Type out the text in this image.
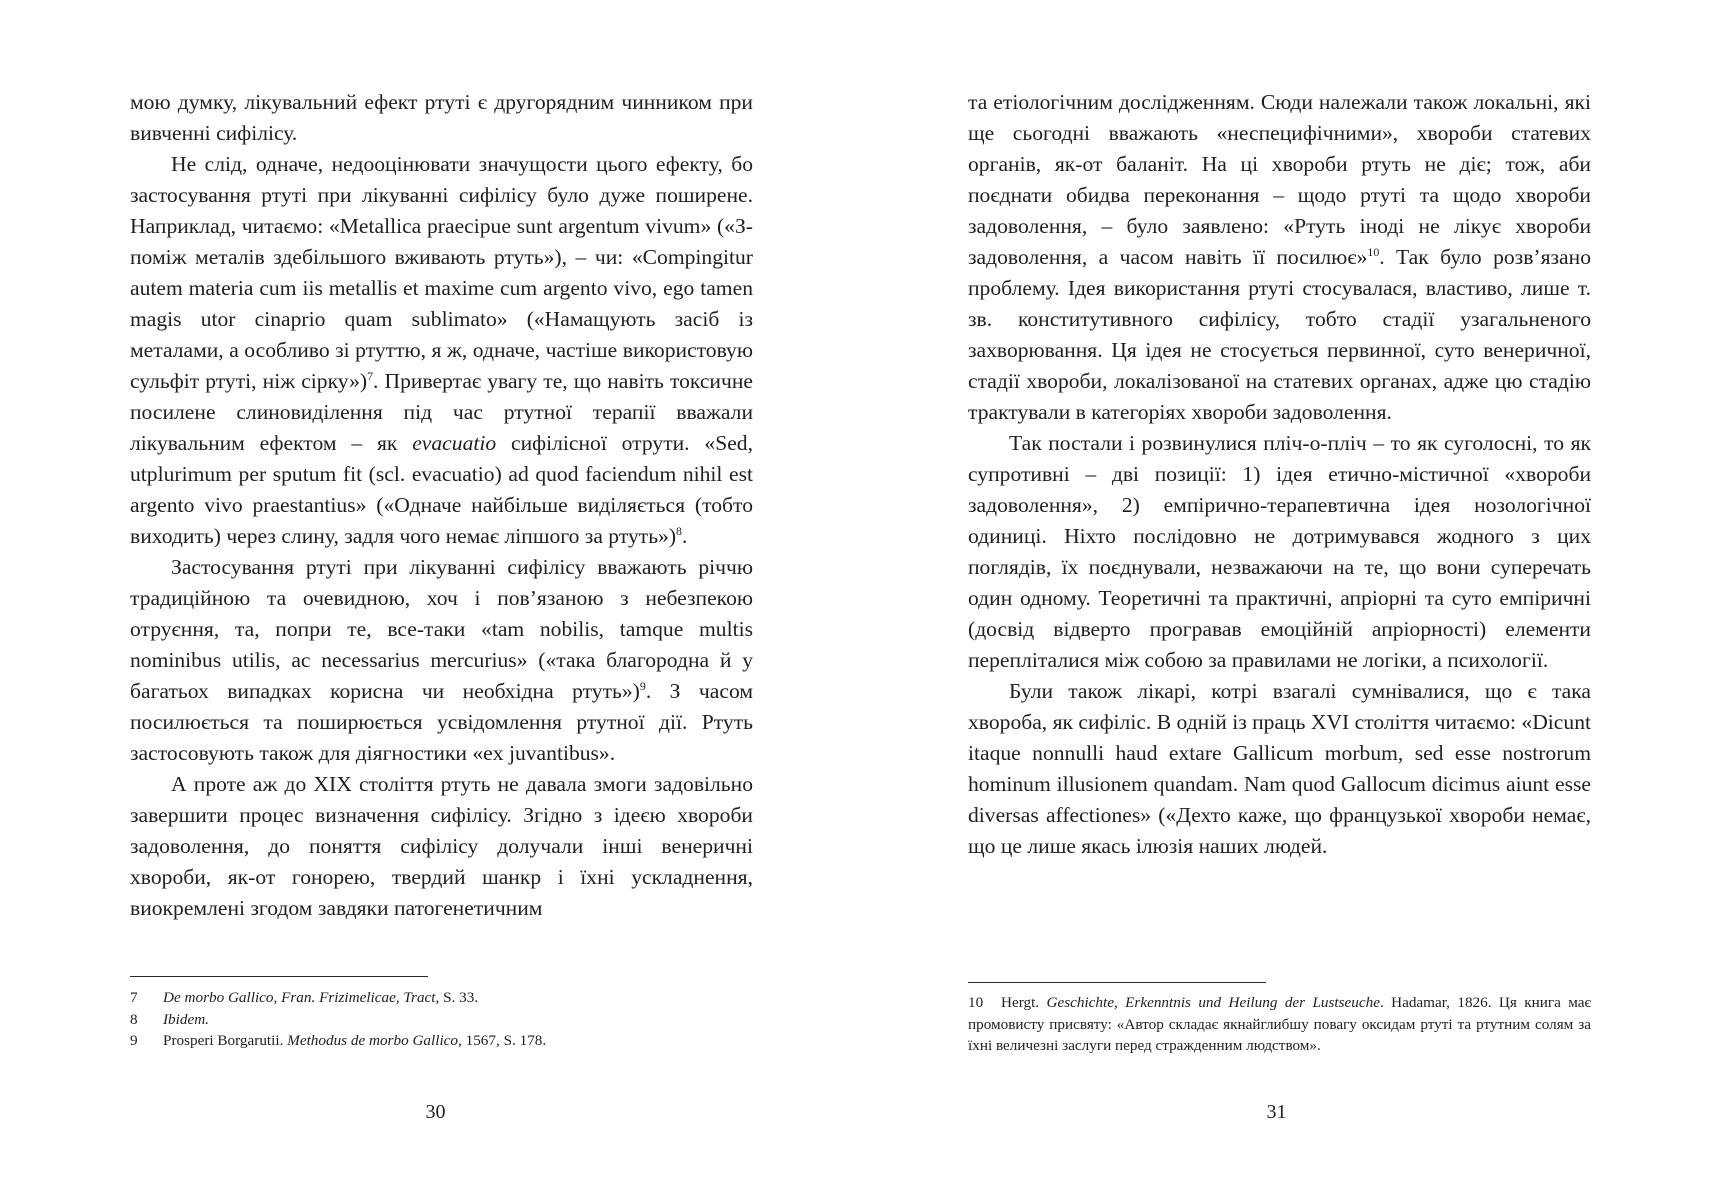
мою думку, лікувальний ефект ртуті є другорядним чинником при вивченні сифілісу.

Не слід, одначе, недооцінювати значущости цього ефекту, бо застосування ртуті при лікуванні сифілісу було дуже поширене. Наприклад, читаємо: «Metallica praecipue sunt argentum vivum» («З-поміж металів здебільшого вживають ртуть»), – чи: «Compingitur autem materia cum iis metallis et maxime cum argento vivo, ego tamen magis utor cinaprio quam sublimato» («Намащують засіб із металами, а особливо зі ртуттю, я ж, одначе, частіше використовую сульфіт ртуті, ніж сірку»)$^7$. Привертає увагу те, що навіть токсичне посилене слиновиділення під час ртутної терапії вважали лікувальним ефектом – як evacuatio сифілісної отрути. «Sed, utplurimum per sputum fit (scl. evacuatio) ad quod faciendum nihil est argento vivo praestantius» («Одначе найбільше виділяється (тобто виходить) через слину, задля чого немає ліпшого за ртуть»)$^8$.

Застосування ртуті при лікуванні сифілісу вважають річчю традиційною та очевидною, хоч і пов’язаною з небезпекою отруєння, та, попри те, все-таки «tam nobilis, tamque multis nominibus utilis, ac necessarius mercurius» («така благородна й у багатьох випадках корисна чи необхідна ртуть»)$^9$. З часом посилюється та поширюється усвідомлення ртутної дії. Ртуть застосовують також для діягностики «ex juvantibus».

А проте аж до XIX століття ртуть не давала змоги задовільно завершити процес визначення сифілісу. Згідно з ідеєю хвороби задоволення, до поняття сифілісу долучали інші венеричні хвороби, як-от гонорею, твердий шанкр і їхні ускладнення, виокремлені згодом завдяки патогенетичним

7 De morbo Gallico, Fran. Frizimelicae, Tract, S. 33.

8 Ibidem.

9 Prosperi Borgarutii. Methodus de morbo Gallico, 1567, S. 178.

30

та етіологічним дослідженням. Сюди належали також локальні, які ще сьогодні вважають «неспецифічними», хвороби статевих органів, як-от баланіт. На ці хвороби ртуть не діє; тож, аби поєднати обидва переконання – щодо ртуті та щодо хвороби задоволення, – було заявлено: «Ртуть іноді не лікує хвороби задоволення, а часом навіть її посилює»$^{10}$. Так було розв’язано проблему. Ідея використання ртуті стосувалася, властиво, лише т. зв. конститутивного сифілісу, тобто стадії узагальненого захворювання. Ця ідея не стосується первинної, суто венеричної, стадії хвороби, локалізованої на статевих органах, адже цю стадію трактували в категоріях хвороби задоволення.

Так постали і розвинулися пліч-о-пліч – то як суголосні, то як супротивні – дві позиції: 1) ідея етично-містичної «хвороби задоволення», 2) емпірично-терапевтична ідея нозологічної одиниці. Ніхто послідовно не дотримувався жодного з цих поглядів, їх поєднували, незважаючи на те, що вони суперечать один одному. Теоретичні та практичні, апріорні та суто емпіричні (досвід відверто програвав емоційній апріорності) елементи перепліталися між собою за правилами не логіки, а психології.

Були також лікарі, котрі взагалі сумнівалися, що є така хвороба, як сифіліс. В одній із праць XVI століття читаємо: «Dicunt itaque nonnulli haud extare Gallicum morbum, sed esse nostrorum hominum illusionem quandam. Nam quod Gallocum dicimus aiunt esse diversas affectiones» («Дехто каже, що французької хвороби немає, що це лише якась ілюзія наших людей.

10 Hergt. Geschichte, Erkenntnis und Heilung der Lustseuche. Hadamar, 1826. Ця книга має промовисту присвяту: «Автор складає якнайглибшу повагу оксидам ртуті та ртутним солям за їхні величезні заслуги перед стражденним людством».

31
